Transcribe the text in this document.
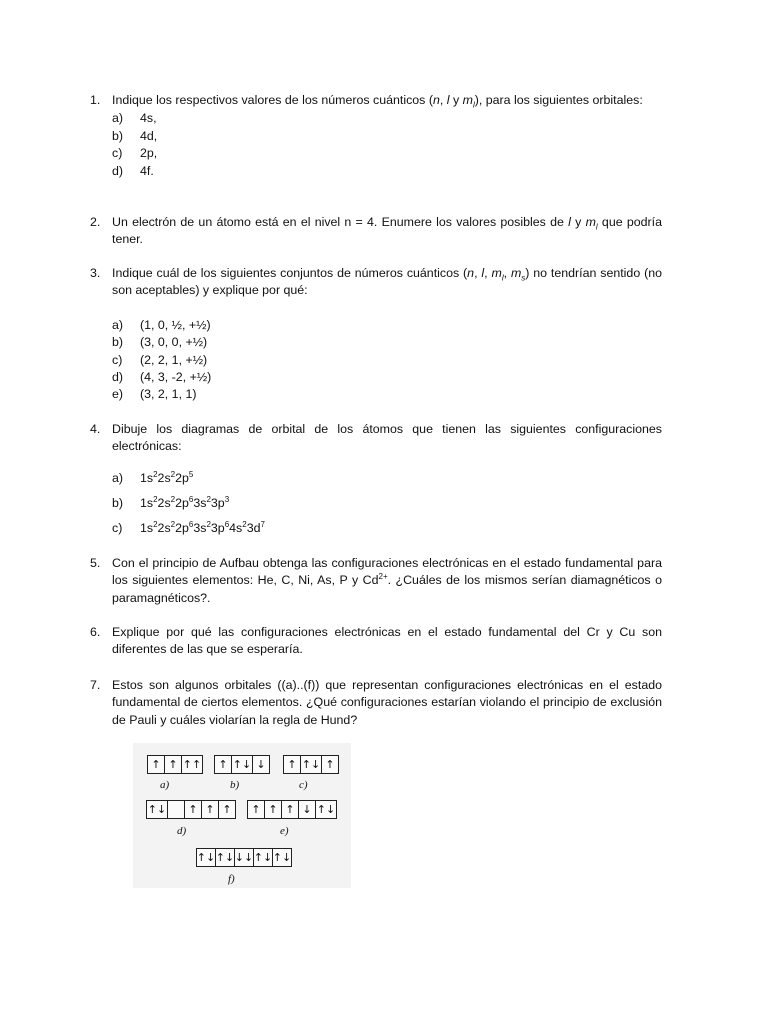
1. Indique los respectivos valores de los números cuánticos (n, l y $m_l$), para los siguientes orbitales:
a) 4s,
b) 4d,
c) 2p,
d) 4f.
2. Un electrón de un átomo está en el nivel n = 4. Enumere los valores posibles de l y $m_l$ que podría tener.
3. Indique cuál de los siguientes conjuntos de números cuánticos (n, l, $m_l$, $m_s$) no tendrían sentido (no son aceptables) y explique por qué:
a) (1, 0, ½, +½)
b) (3, 0, 0, +½)
c) (2, 2, 1, +½)
d) (4, 3, -2, +½)
e) (3, 2, 1, 1)
4. Dibuje los diagramas de orbital de los átomos que tienen las siguientes configuraciones electrónicas:
a) $1s^22s^22p^5$
b) $1s^22s^22p^63s^23p^3$
c) $1s^22s^22p^63s^23p^64s^23d^7$
5. Con el principio de Aufbau obtenga las configuraciones electrónicas en el estado fundamental para los siguientes elementos: He, C, Ni, As, P y $Cd^{2+}$. ¿Cuáles de los mismos serían diamagnéticos o paramagnéticos?.
6. Explique por qué las configuraciones electrónicas en el estado fundamental del Cr y Cu son diferentes de las que se esperaría.
7. Estos son algunos orbitales ((a)..(f)) que representan configuraciones electrónicas en el estado fundamental de ciertos elementos. ¿Qué configuraciones estarían violando el principio de exclusión de Pauli y cuáles violarían la regla de Hund?
↑ ↑ ↑↑
a)
↑ ↑↓ ↓
b)
↑ ↑↓ ↑
c)
↑↓	↑ ↑ ↑
d)
↑ ↑ ↑ ↓ ↑↓
e)
↑↓ ↑↓ ↓↓ ↑↓ ↑↓
f)
